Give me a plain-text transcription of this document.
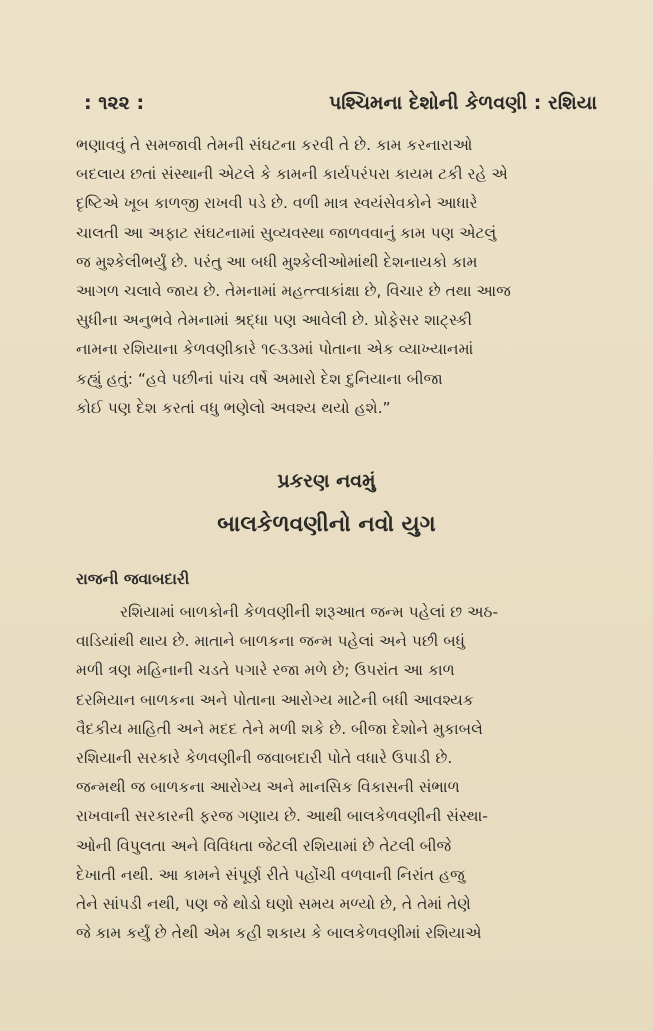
: ૧૨૨ :	પશ્ચિમના દેશોની કેળવણી : રશિયા

ભણાવવું તે સમજાવી તેમની સંઘટના કરવી તે છે. કામ કરનારાઓ
બદલાય છતાં સંસ્થાની એટલે કે કામની કાર્યપરંપરા કાયમ ટકી રહે એ
દૃષ્ટિએ ખૂબ કાળજી રાખવી પડે છે. વળી માત્ર સ્વયંસેવકોને આધારે
ચાલતી આ અફાટ સંઘટનામાં સુવ્યવસ્થા જાળવવાનું કામ પણ એટલું
જ મુશ્કેલીભર્યું છે. પરંતુ આ બધી મુશ્કેલીઓમાંથી દેશનાયકો કામ
આગળ ચલાવે જાય છે. તેમનામાં મહત્ત્વાકાંક્ષા છે, વિચાર છે તથા આજ
સુધીના અનુભવે તેમનામાં શ્રદ્ધા પણ આવેલી છે. પ્રોફેસર શાટ્સ્કી
નામના રશિયાના કેળવણીકારે ૧૯૩૩માં પોતાના એક વ્યાખ્યાનમાં
કહ્યું હતું: “હવે પછીનાં પાંચ વર્ષે અમારો દેશ દુનિયાના બીજા
કોઈ પણ દેશ કરતાં વધુ ભણેલો અવશ્ય થયો હશે.”

પ્રકરણ નવમું
બાલકેળવણીનો નવો યુગ
રાજની જવાબદારી

રશિયામાં બાળકોની કેળવણીની શરૂઆત જન્મ પહેલાં છ અઠ-
વાડિયાંથી થાય છે. માતાને બાળકના જન્મ પહેલાં અને પછી બધું
મળી ત્રણ મહિનાની ચડતે પગારે રજા મળે છે; ઉપરાંત આ કાળ
દરમિયાન બાળકના અને પોતાના આરોગ્ય માટેની બધી આવશ્યક
વૈદકીય માહિતી અને મદદ તેને મળી શકે છે. બીજા દેશોને મુકાબલે
રશિયાની સરકારે કેળવણીની જવાબદારી પોતે વધારે ઉપાડી છે.
જન્મથી જ બાળકના આરોગ્ય અને માનસિક વિકાસની સંભાળ
રાખવાની સરકારની ફરજ ગણાય છે. આથી બાલકેળવણીની સંસ્થા-
ઓની વિપુલતા અને વિવિધતા જેટલી રશિયામાં છે તેટલી બીજે
દેખાતી નથી. આ કામને સંપૂર્ણ રીતે પહોંચી વળવાની નિરાંત હજુ
તેને સાંપડી નથી, પણ જે થોડો ઘણો સમય મળ્યો છે, તે તેમાં તેણે
જે કામ કર્યું છે તેથી એમ કહી શકાય કે બાલકેળવણીમાં રશિયાએ
